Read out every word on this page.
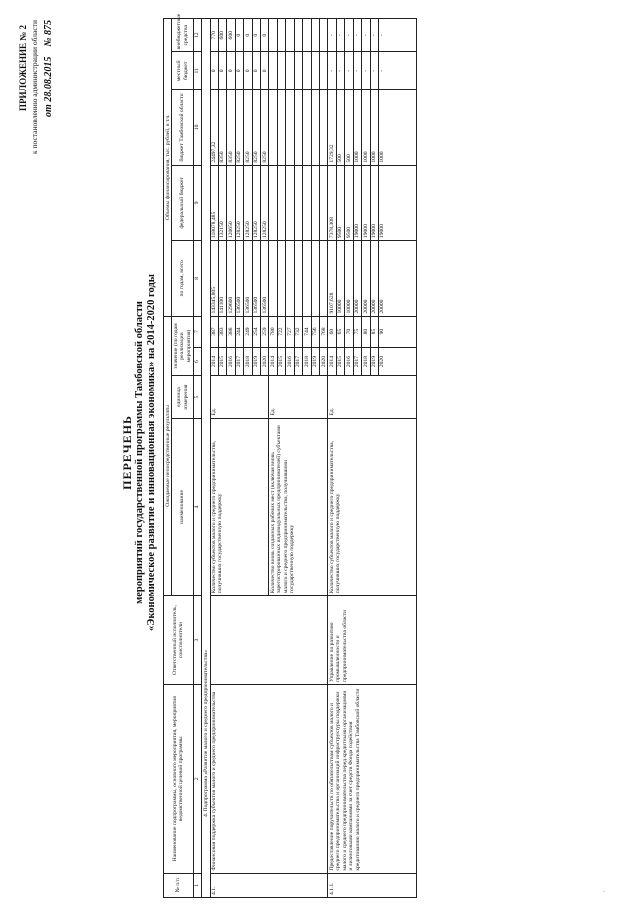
ПРИЛОЖЕНИЕ № 2 к постановлению администрации области от 28.08.2015    № 875
ПЕРЕЧЕНЬ мероприятий государственной программы Тамбовской области «Экономическое развитие и инновационная экономика» на 2014-2020 годы
№ п/п	Наименование подпрограммы, основного мероприятия, мероприятия ведомственной целевой программы	Ответственный исполнитель, соисполнители	Ожидаемые непосредственные результаты				Объемы финансирования, тыс. рублей, в т.ч.				
			наименование	единица измерения	значение (по годам реализации мероприятия)		по годам, всего	федеральный бюджет	бюджет Тамбовской области	местный бюджет	внебюджетные средства
1	2	3	4	5	6	7	8	9	10	11	12
4. Подпрограмма «Развитие малого и среднего предпринимательства»											
4.1.	Финансовая поддержка субъектов малого и среднего предпринимательства		Количество субъектов малого и среднего предпринимательства, получивших государственную поддержку	Ед.	2014	387	143345,805	118078,485	24497,32	0	770
					2015	383	141100	132150	8350	0	600
					2016	388	129600	120650	8350	0	600
					2017	244	136500	128250	8250	0	0
					2018	249	136500	128250	8250	0	0
					2019	254	136500	128250	8250	0	0
					2020	259	136500	128250	8250	0	0
			Количество вновь созданных рабочих мест (включая вновь зарегистрированных индивидуальных предпринимателей) субъектами малого и среднего предпринимательства, получившими государственную поддержку	Ед.	2014	780					
					2015	722					
					2016	727					
					2017	732					
					2018	744					
					2019	756					
					2020	768					
4.1.1.	Предоставление поручительств по обязательствам субъектов малого и среднего предпринимательства и организаций инфраструктуры поддержки малого и среднего предпринимательства перед кредитными организациями и лизинговыми компаниями за счет средств Фонда содействия кредитованию малого и среднего предпринимательства Тамбовской области	Управление по развитию промышленности и предпринимательства области	Количество субъектов малого и среднего предпринимательства, получивших государственную поддержку	Ед.	2014	60	9107,628	7378,308	1729,32	-	-
					2015	65	10000	9500	500	-	-
					2016	70	10000	9500	500	-	-
					2017	75	20000	19000	1000	-	-
					2018	80	20000	19000	1000	-	-
					2019	85	20000	19000	1000	-	-
					2020	90	20000	19000	1000	-	-
·
